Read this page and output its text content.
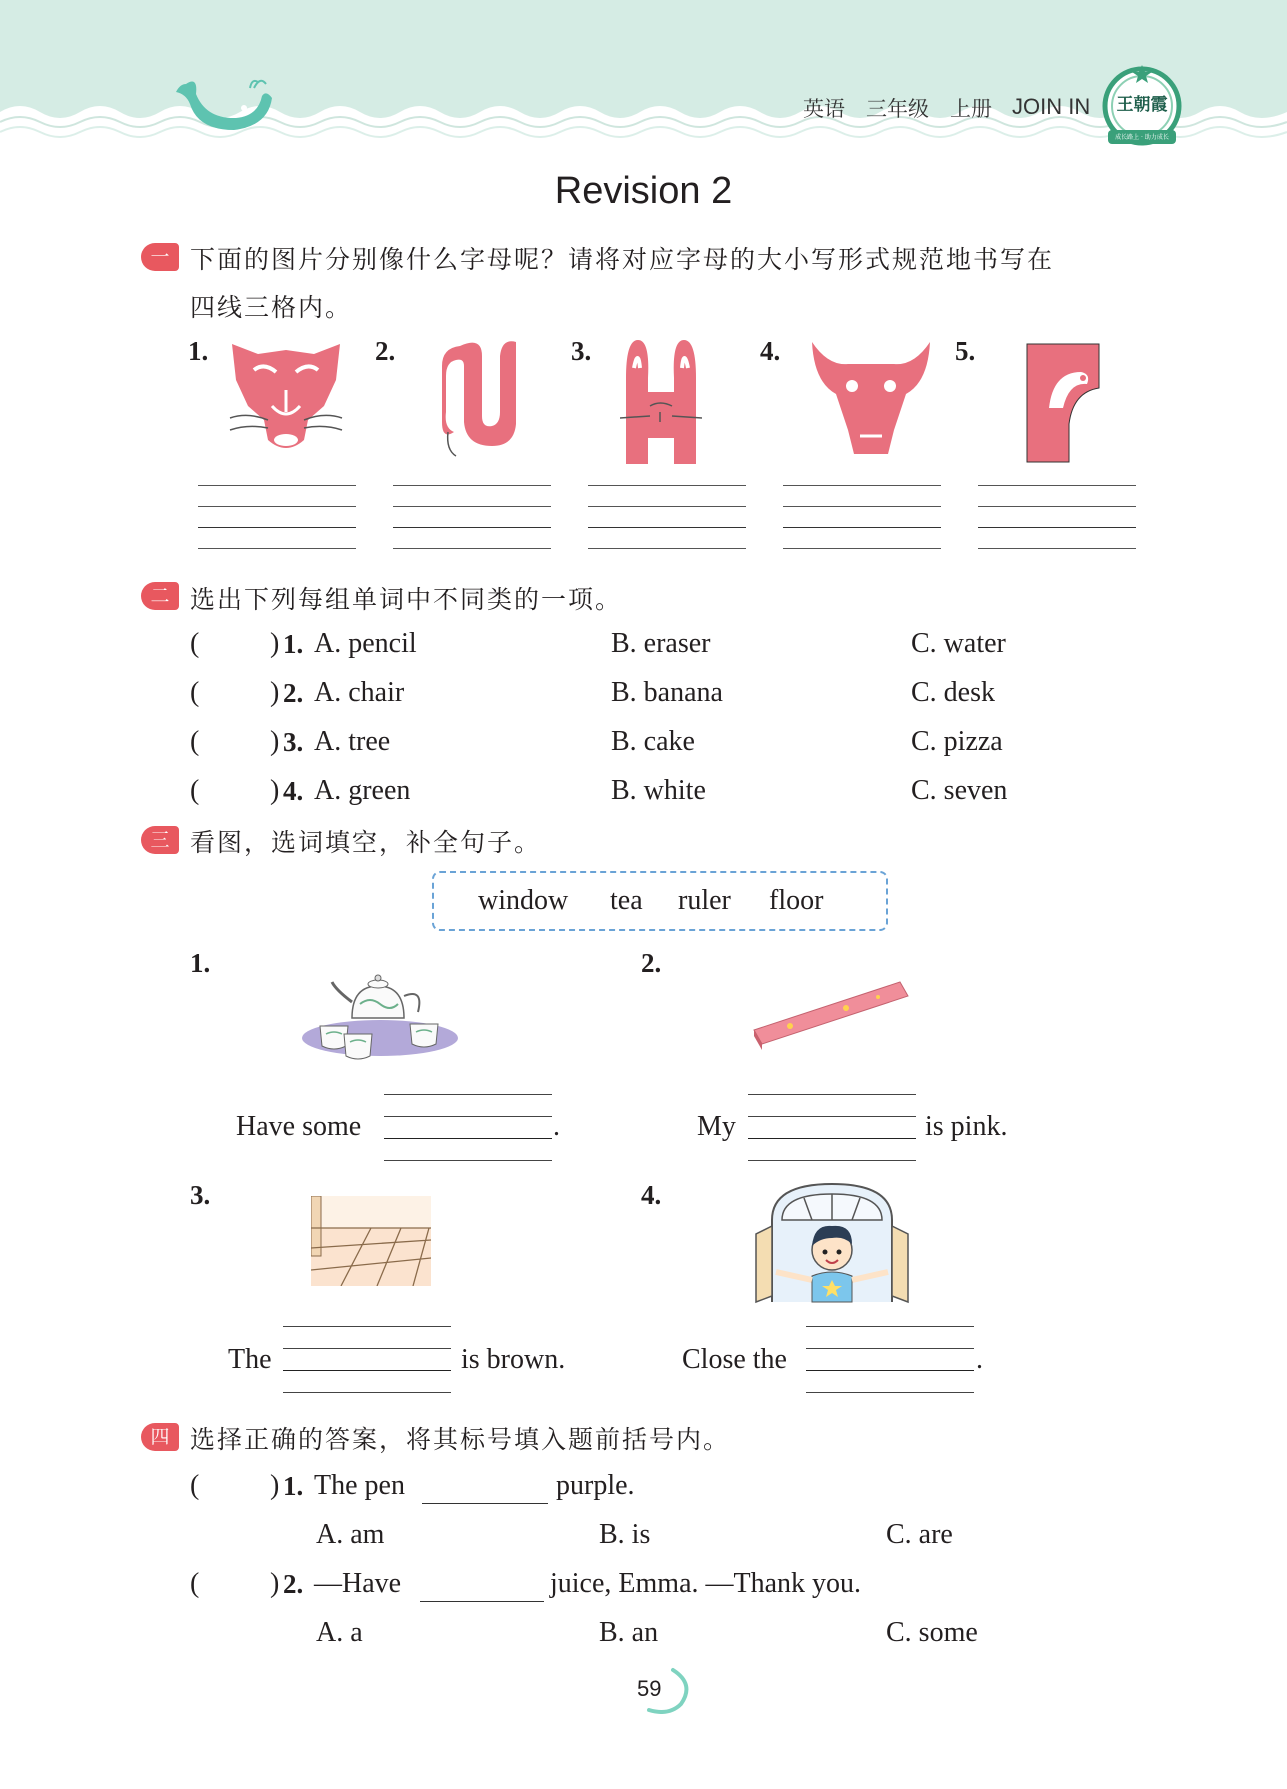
英语 三年级 上册 JOIN IN	王朝霞
成长路上 · 助力成长
Revision 2
一 下面的图片分别像什么字母呢？请将对应字母的大小写形式规范地书写在
四线三格内。
1.	2.	3.	4.	5.
二 选出下列每组单词中不同类的一项。
(	) 1. A. pencil	B. eraser	C. water
(	) 2. A. chair	B. banana	C. desk
(	) 3. A. tree	B. cake	C. pizza
(	) 4. A. green	B. white	C. seven
三 看图，选词填空，补全句子。
window tea ruler floor
1.
Have some	.
2.
My	is pink.
3.
The	is brown.
4.
Close the	.
四 选择正确的答案，将其标号填入题前括号内。
(	) 1. The pen	purple.
A. am	B. is	C. are
(	) 2. —Have	juice, Emma. —Thank you.
A. a	B. an	C. some
59
